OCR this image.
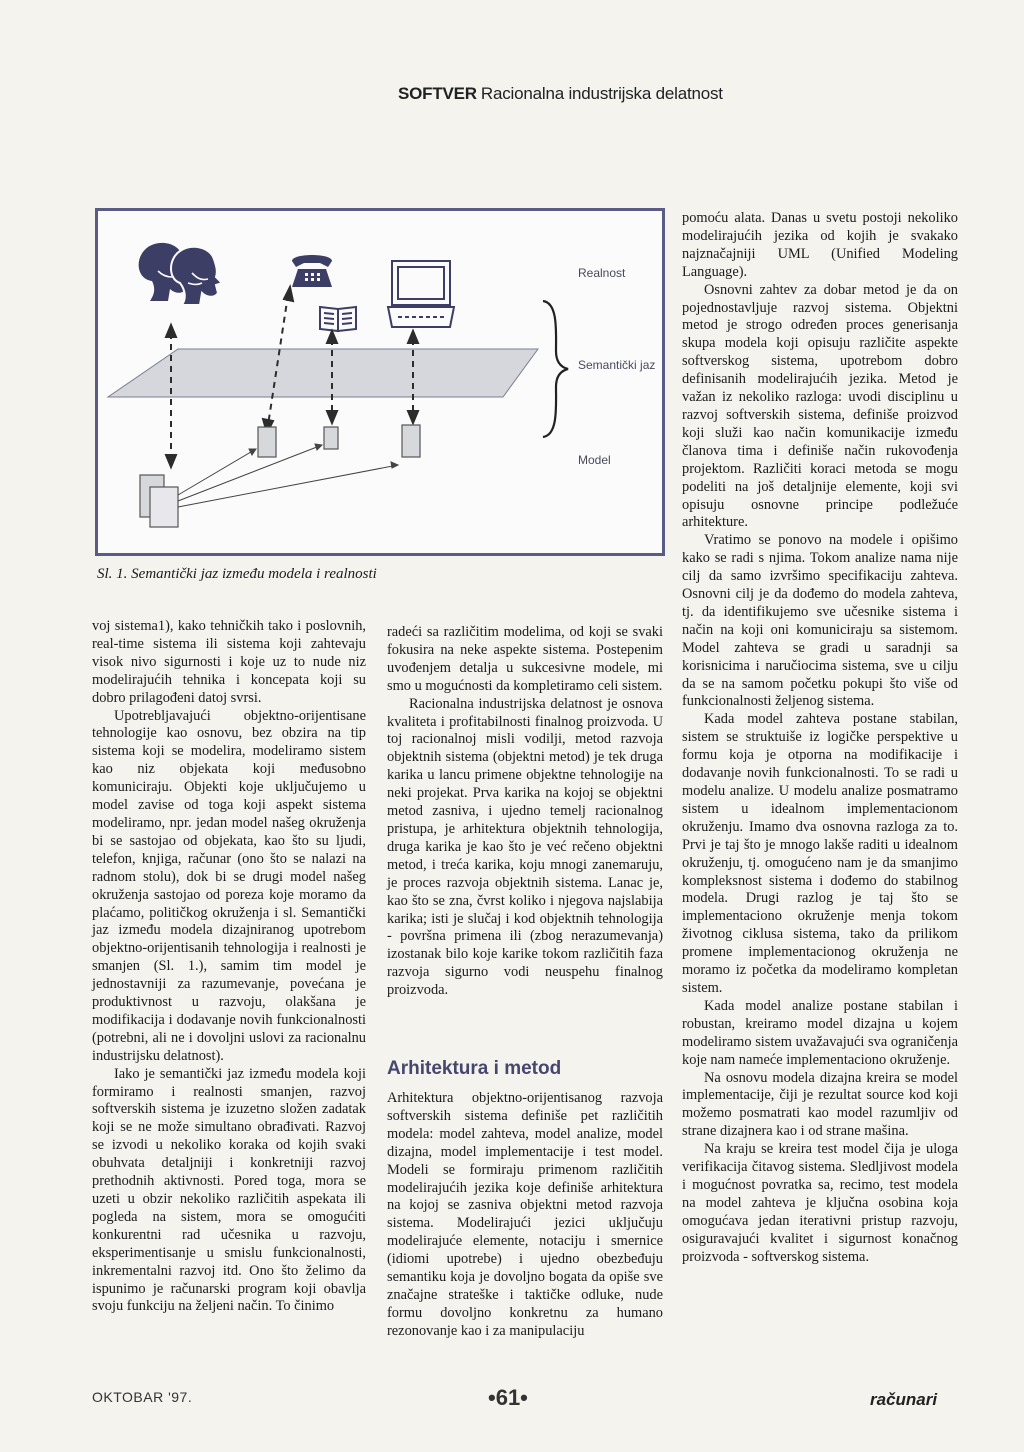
SOFTVER Racionalna industrijska delatnost
Realnost
Semantički jaz
Model
Sl. 1. Semantički jaz između modela i realnosti

voj sistema1), kako tehničkih tako i poslovnih, real-time sistema ili sistema koji zahtevaju visok nivo sigurnosti i koje uz to nude niz modelirajućih tehnika i koncepata koji su dobro prilagođeni datoj svrsi.

Upotrebljavajući objektno-orijentisane tehnologije kao osnovu, bez obzira na tip sistema koji se modelira, modeliramo sistem kao niz objekata koji međusobno komuniciraju. Objekti koje uključujemo u model zavise od toga koji aspekt sistema modeliramo, npr. jedan model našeg okruženja bi se sastojao od objekata, kao što su ljudi, telefon, knjiga, računar (ono što se nalazi na radnom stolu), dok bi se drugi model našeg okruženja sastojao od poreza koje moramo da plaćamo, političkog okruženja i sl. Semantički jaz između modela dizajniranog upotrebom objektno-orijentisanih tehnologija i realnosti je smanjen (Sl. 1.), samim tim model je jednostavniji za razumevanje, povećana je produktivnost u razvoju, olakšana je modifikacija i dodavanje novih funkcionalnosti (potrebni, ali ne i dovoljni uslovi za racionalnu industrijsku delatnost).

Iako je semantički jaz između modela koji formiramo i realnosti smanjen, razvoj softverskih sistema je izuzetno složen zadatak koji se ne može simultano obrađivati. Razvoj se izvodi u nekoliko koraka od kojih svaki obuhvata detaljniji i konkretniji razvoj prethodnih aktivnosti. Pored toga, mora se uzeti u obzir nekoliko različitih aspekata ili pogleda na sistem, mora se omogućiti konkurentni rad učesnika u razvoju, eksperimentisanje u smislu funkcionalnosti, inkrementalni razvoj itd. Ono što želimo da ispunimo je računarski program koji obavlja svoju funkciju na željeni način. To činimo

radeći sa različitim modelima, od koji se svaki fokusira na neke aspekte sistema. Postepenim uvođenjem detalja u sukcesivne modele, mi smo u mogućnosti da kompletiramo celi sistem.

Racionalna industrijska delatnost je osnova kvaliteta i profitabilnosti finalnog proizvoda. U toj racionalnoj misli vodilji, metod razvoja objektnih sistema (objektni metod) je tek druga karika u lancu primene objektne tehnologije na neki projekat. Prva karika na kojoj se objektni metod zasniva, i ujedno temelj racionalnog pristupa, je arhitektura objektnih tehnologija, druga karika je kao što je već rečeno objektni metod, i treća karika, koju mnogi zanemaruju, je proces razvoja objektnih sistema. Lanac je, kao što se zna, čvrst koliko i njegova najslabija karika; isti je slučaj i kod objektnih tehnologija - površna primena ili (zbog nerazumevanja) izostanak bilo koje karike tokom različitih faza razvoja sigurno vodi neuspehu finalnog proizvoda.

Arhitektura i metod

Arhitektura objektno-orijentisanog razvoja softverskih sistema definiše pet različitih modela: model zahteva, model analize, model dizajna, model implementacije i test model. Modeli se formiraju primenom različitih modelirajućih jezika koje definiše arhitektura na kojoj se zasniva objektni metod razvoja sistema. Modelirajući jezici uključuju modelirajuće elemente, notaciju i smernice (idiomi upotrebe) i ujedno obezbeđuju semantiku koja je dovoljno bogata da opiše sve značajne strateške i taktičke odluke, nude formu dovoljno konkretnu za humano rezonovanje kao i za manipulaciju

pomoću alata. Danas u svetu postoji nekoliko modelirajućih jezika od kojih je svakako najznačajniji UML (Unified Modeling Language).

Osnovni zahtev za dobar metod je da on pojednostavljuje razvoj sistema. Objektni metod je strogo određen proces generisanja skupa modela koji opisuju različite aspekte softverskog sistema, upotrebom dobro definisanih modelirajućih jezika. Metod je važan iz nekoliko razloga: uvodi disciplinu u razvoj softverskih sistema, definiše proizvod koji služi kao način komunikacije između članova tima i definiše način rukovođenja projektom. Različiti koraci metoda se mogu podeliti na još detaljnije elemente, koji svi opisuju osnovne principe podležuće arhitekture.

Vratimo se ponovo na modele i opišimo kako se radi s njima. Tokom analize nama nije cilj da samo izvršimo specifikaciju zahteva. Osnovni cilj je da dođemo do modela zahteva, tj. da identifikujemo sve učesnike sistema i način na koji oni komuniciraju sa sistemom. Model zahteva se gradi u saradnji sa korisnicima i naručiocima sistema, sve u cilju da se na samom početku pokupi što više od funkcionalnosti željenog sistema.

Kada model zahteva postane stabilan, sistem se struktuiše iz logičke perspektive u formu koja je otporna na modifikacije i dodavanje novih funkcionalnosti. To se radi u modelu analize. U modelu analize posmatramo sistem u idealnom implementacionom okruženju. Imamo dva osnovna razloga za to. Prvi je taj što je mnogo lakše raditi u idealnom okruženju, tj. omogućeno nam je da smanjimo kompleksnost sistema i dođemo do stabilnog modela. Drugi razlog je taj što se implementaciono okruženje menja tokom životnog ciklusa sistema, tako da prilikom promene implementacionog okruženja ne moramo iz početka da modeliramo kompletan sistem.

Kada model analize postane stabilan i robustan, kreiramo model dizajna u kojem modeliramo sistem uvažavajući sva ograničenja koje nam nameće implementaciono okruženje.

Na osnovu modela dizajna kreira se model implementacije, čiji je rezultat source kod koji možemo posmatrati kao model razumljiv od strane dizajnera kao i od strane mašina.

Na kraju se kreira test model čija je uloga verifikacija čitavog sistema. Sledljivost modela i mogućnost povratka sa, recimo, test modela na model zahteva je ključna osobina koja omogućava jedan iterativni pristup razvoju, osiguravajući kvalitet i sigurnost konačnog proizvoda - softverskog sistema.

OKTOBAR '97.	•61•	računari
